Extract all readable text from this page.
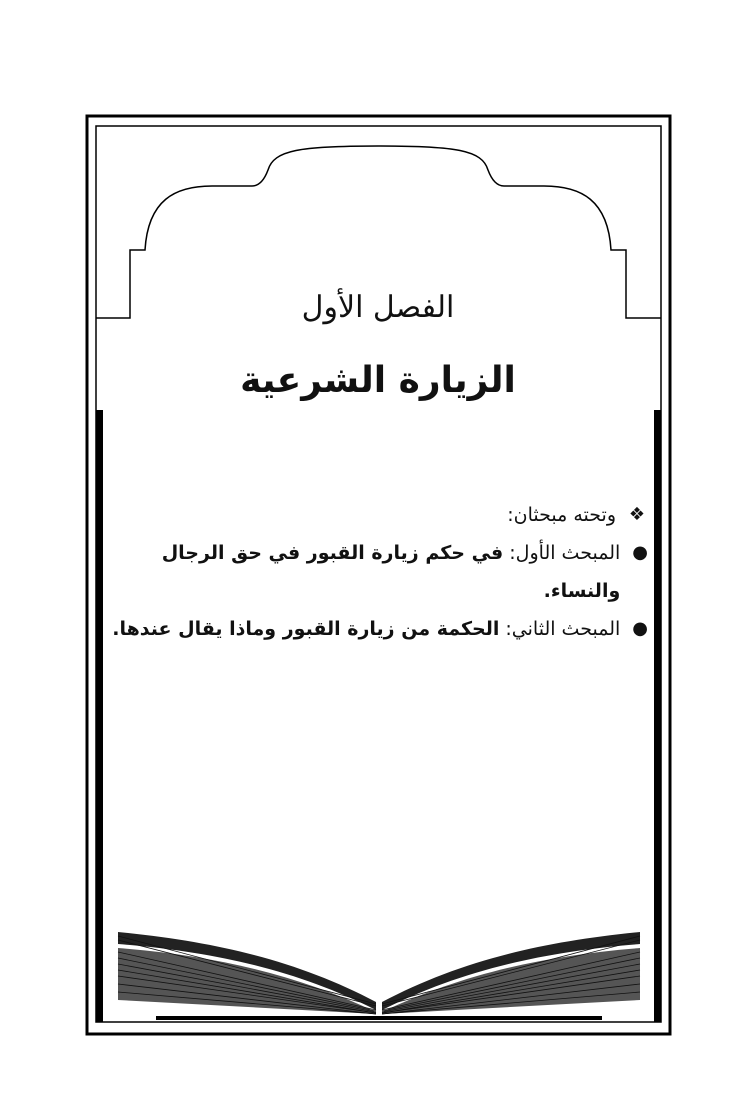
الفصل الأول
الزيارة الشرعية
❖
وتحته مبحثان:
●
المبحث الأول: في حكم زيارة القبور في حق الرجال والنساء.
●
المبحث الثاني: الحكمة من زيارة القبور وماذا يقال عندها.
